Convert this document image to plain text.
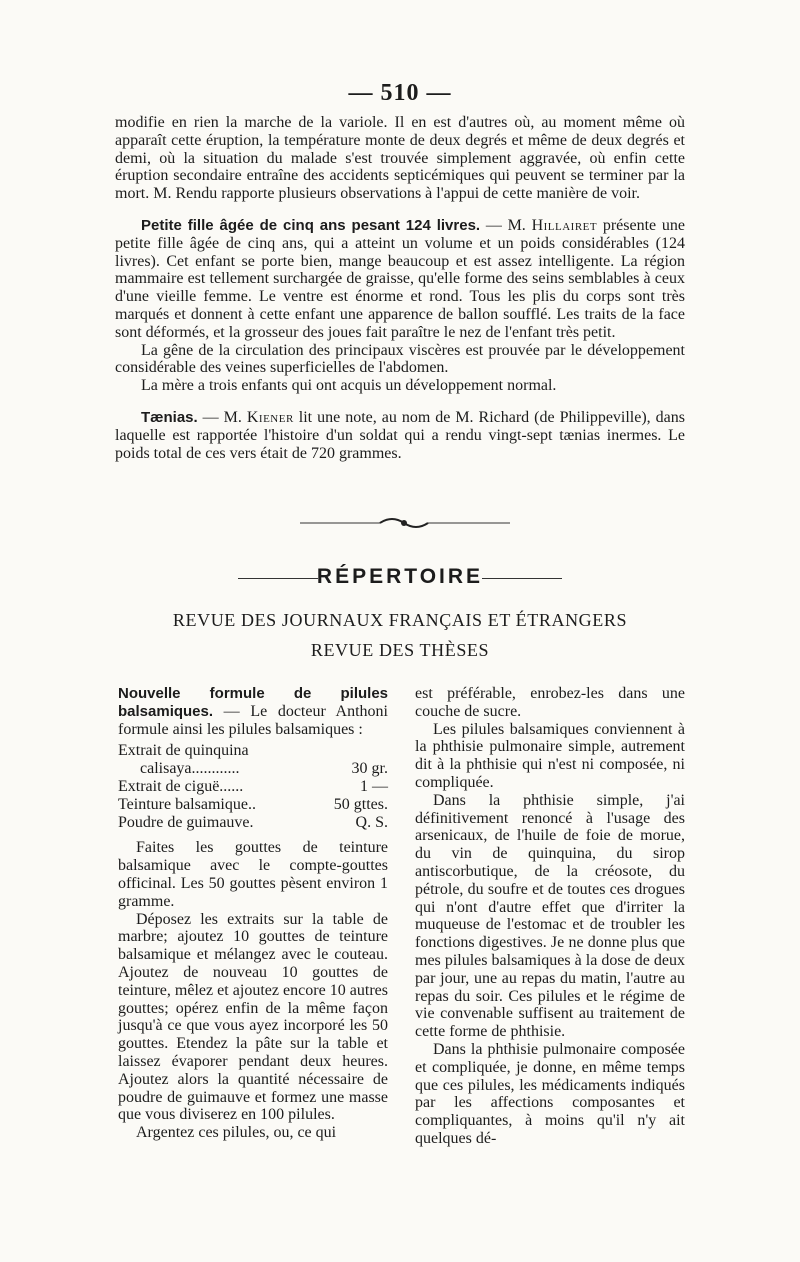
— 510 —

modifie en rien la marche de la variole. Il en est d'autres où, au moment même où apparaît cette éruption, la température monte de deux degrés et même de deux degrés et demi, où la situation du malade s'est trouvée simplement aggravée, où enfin cette éruption secondaire entraîne des accidents septicémiques qui peuvent se terminer par la mort. M. Rendu rapporte plusieurs observations à l'appui de cette manière de voir.

Petite fille âgée de cinq ans pesant 124 livres. — M. Hillairet présente une petite fille âgée de cinq ans, qui a atteint un volume et un poids considérables (124 livres). Cet enfant se porte bien, mange beaucoup et est assez intelligente. La région mammaire est tellement surchargée de graisse, qu'elle forme des seins semblables à ceux d'une vieille femme. Le ventre est énorme et rond. Tous les plis du corps sont très marqués et donnent à cette enfant une apparence de ballon soufflé. Les traits de la face sont déformés, et la grosseur des joues fait paraître le nez de l'enfant très petit.

La gêne de la circulation des principaux viscères est prouvée par le développement considérable des veines superficielles de l'abdomen.

La mère a trois enfants qui ont acquis un développement normal.

Tænias. — M. Kiener lit une note, au nom de M. Richard (de Philippeville), dans laquelle est rapportée l'histoire d'un soldat qui a rendu vingt-sept tænias inermes. Le poids total de ces vers était de 720 grammes.

RÉPERTOIRE
REVUE DES JOURNAUX FRANÇAIS ET ÉTRANGERS
REVUE DES THÈSES

Nouvelle formule de pilules balsamiques. — Le docteur Anthoni formule ainsi les pilules balsamiques :

Extrait de quinquina
calisaya............	30 gr.
Extrait de ciguë......	1 —
Teinture balsamique..	50 gttes.
Poudre de guimauve.	Q. S.

Faites les gouttes de teinture balsamique avec le compte-gouttes officinal. Les 50 gouttes pèsent environ 1 gramme.

Déposez les extraits sur la table de marbre; ajoutez 10 gouttes de teinture balsamique et mélangez avec le couteau. Ajoutez de nouveau 10 gouttes de teinture, mêlez et ajoutez encore 10 autres gouttes; opérez enfin de la même façon jusqu'à ce que vous ayez incorporé les 50 gouttes. Etendez la pâte sur la table et laissez évaporer pendant deux heures. Ajoutez alors la quantité nécessaire de poudre de guimauve et formez une masse que vous diviserez en 100 pilules.

Argentez ces pilules, ou, ce qui

est préférable, enrobez-les dans une couche de sucre.

Les pilules balsamiques conviennent à la phthisie pulmonaire simple, autrement dit à la phthisie qui n'est ni composée, ni compliquée.

Dans la phthisie simple, j'ai définitivement renoncé à l'usage des arsenicaux, de l'huile de foie de morue, du vin de quinquina, du sirop antiscorbutique, de la créosote, du pétrole, du soufre et de toutes ces drogues qui n'ont d'autre effet que d'irriter la muqueuse de l'estomac et de troubler les fonctions digestives. Je ne donne plus que mes pilules balsamiques à la dose de deux par jour, une au repas du matin, l'autre au repas du soir. Ces pilules et le régime de vie convenable suffisent au traitement de cette forme de phthisie.

Dans la phthisie pulmonaire composée et compliquée, je donne, en même temps que ces pilules, les médicaments indiqués par les affections composantes et compliquantes, à moins qu'il n'y ait quelques dé-
